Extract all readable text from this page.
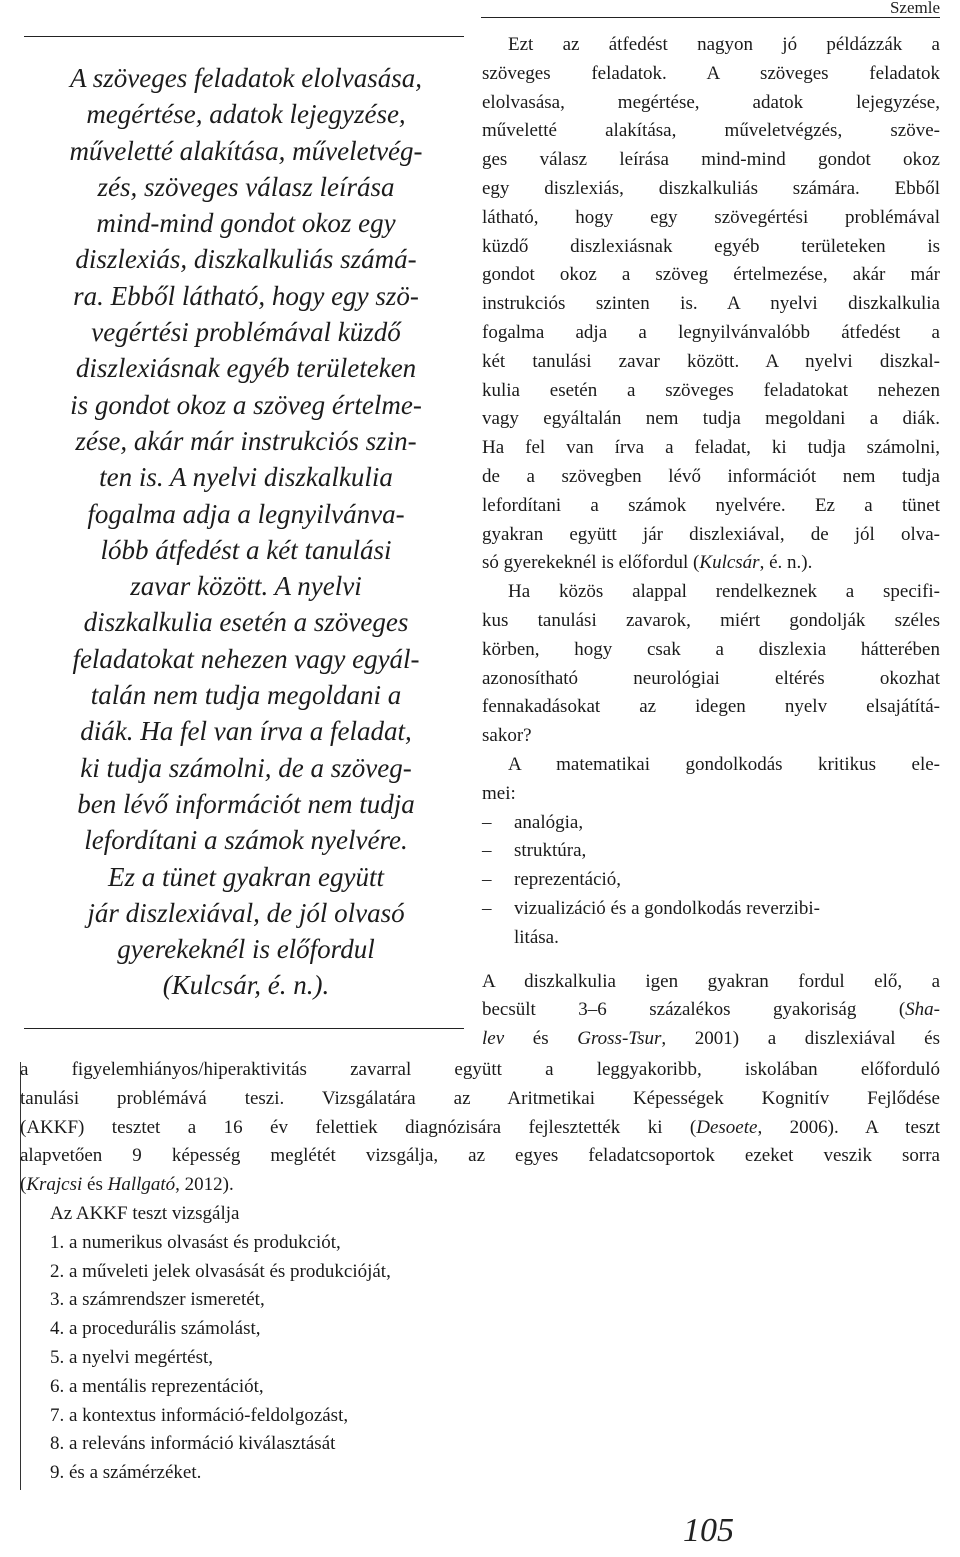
Szemle
A szöveges feladatok elolvasása,
megértése, adatok lejegyzése,
műveletté alakítása, műveletvég-
zés, szöveges válasz leírása
mind-mind gondot okoz egy
diszlexiás, diszkalkuliás számá-
ra. Ebből látható, hogy egy szö-
vegértési problémával küzdő
diszlexiásnak egyéb területeken
is gondot okoz a szöveg értelme-
zése, akár már instrukciós szin-
ten is. A nyelvi diszkalkulia
fogalma adja a legnyilvánva-
lóbb átfedést a két tanulási
zavar között. A nyelvi
diszkalkulia esetén a szöveges
feladatokat nehezen vagy egyál-
talán nem tudja megoldani a
diák. Ha fel van írva a feladat,
ki tudja számolni, de a szöveg-
ben lévő információt nem tudja
lefordítani a számok nyelvére.
Ez a tünet gyakran együtt
jár diszlexiával, de jól olvasó
gyerekeknél is előfordul
(Kulcsár, é. n.).
Ezt az átfedést nagyon jó példázzák a
szöveges feladatok. A szöveges feladatok
elolvasása, megértése, adatok lejegyzése,
műveletté alakítása, műveletvégzés, szöve-
ges válasz leírása mind-mind gondot okoz
egy diszlexiás, diszkalkuliás számára. Ebből
látható, hogy egy szövegértési problémával
küzdő diszlexiásnak egyéb területeken is
gondot okoz a szöveg értelmezése, akár már
instrukciós szinten is. A nyelvi diszkalkulia
fogalma adja a legnyilvánvalóbb átfedést a
két tanulási zavar között. A nyelvi diszkal-
kulia esetén a szöveges feladatokat nehezen
vagy egyáltalán nem tudja megoldani a diák.
Ha fel van írva a feladat, ki tudja számolni,
de a szövegben lévő információt nem tudja
lefordítani a számok nyelvére. Ez a tünet
gyakran együtt jár diszlexiával, de jól olva-
só gyerekeknél is előfordul (Kulcsár, é. n.).
Ha közös alappal rendelkeznek a specifi-
kus tanulási zavarok, miért gondolják széles
körben, hogy csak a diszlexia hátterében
azonosítható neurológiai eltérés okozhat
fennakadásokat az idegen nyelv elsajátítá-
sakor?
A matematikai gondolkodás kritikus ele-
mei:
– analógia,
– struktúra,
– reprezentáció,
– vizualizáció és a gondolkodás reverzibi-
litása.
A diszkalkulia igen gyakran fordul elő, a
becsült 3–6 százalékos gyakoriság (Sha-
lev és Gross-Tsur, 2001) a diszlexiával és
a figyelemhiányos/hiperaktivitás zavarral együtt a leggyakoribb, iskolában előforduló
tanulási problémává teszi. Vizsgálatára az Aritmetikai Képességek Kognitív Fejlődése
(AKKF) tesztet a 16 év felettiek diagnózisára fejlesztették ki (Desoete, 2006). A teszt
alapvetően 9 képesség meglétét vizsgálja, az egyes feladatcsoportok ezeket veszik sorra
(Krajcsi és Hallgató, 2012).
Az AKKF teszt vizsgálja
1. a numerikus olvasást és produkciót,
2. a műveleti jelek olvasását és produkcióját,
3. a számrendszer ismeretét,
4. a procedurális számolást,
5. a nyelvi megértést,
6. a mentális reprezentációt,
7. a kontextus információ-feldolgozást,
8. a releváns információ kiválasztását
9. és a számérzéket.
105
